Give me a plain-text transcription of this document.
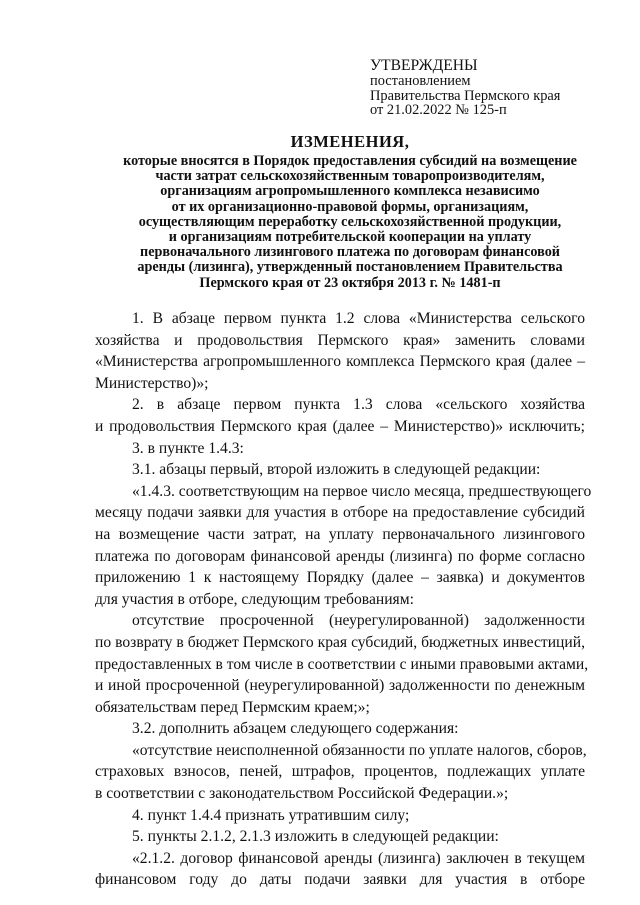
УТВЕРЖДЕНЫ
постановлением
Правительства Пермского края
от 21.02.2022 № 125-п
ИЗМЕНЕНИЯ,
которые вносятся в Порядок предоставления субсидий на возмещение
части затрат сельскохозяйственным товаропроизводителям,
организациям агропромышленного комплекса независимо
от их организационно-правовой формы, организациям,
осуществляющим переработку сельскохозяйственной продукции,
и организациям потребительской кооперации на уплату
первоначального лизингового платежа по договорам финансовой
аренды (лизинга), утвержденный постановлением Правительства
Пермского края от 23 октября 2013 г. № 1481-п
1. В абзаце первом пункта 1.2 слова «Министерства сельского
хозяйства и продовольствия Пермского края» заменить словами
«Министерства агропромышленного комплекса Пермского края (далее –
Министерство)»;
2. в абзаце первом пункта 1.3 слова «сельского хозяйства
и продовольствия Пермского края (далее – Министерство)» исключить;
3. в пункте 1.4.3:
3.1. абзацы первый, второй изложить в следующей редакции:
«1.4.3. соответствующим на первое число месяца, предшествующего
месяцу подачи заявки для участия в отборе на предоставление субсидий
на возмещение части затрат, на уплату первоначального лизингового
платежа по договорам финансовой аренды (лизинга) по форме согласно
приложению 1 к настоящему Порядку (далее – заявка) и документов
для участия в отборе, следующим требованиям:
отсутствие просроченной (неурегулированной) задолженности
по возврату в бюджет Пермского края субсидий, бюджетных инвестиций,
предоставленных в том числе в соответствии с иными правовыми актами,
и иной просроченной (неурегулированной) задолженности по денежным
обязательствам перед Пермским краем;»;
3.2. дополнить абзацем следующего содержания:
«отсутствие неисполненной обязанности по уплате налогов, сборов,
страховых взносов, пеней, штрафов, процентов, подлежащих уплате
в соответствии с законодательством Российской Федерации.»;
4. пункт 1.4.4 признать утратившим силу;
5. пункты 2.1.2, 2.1.3 изложить в следующей редакции:
«2.1.2. договор финансовой аренды (лизинга) заключен в текущем
финансовом году до даты подачи заявки для участия в отборе
